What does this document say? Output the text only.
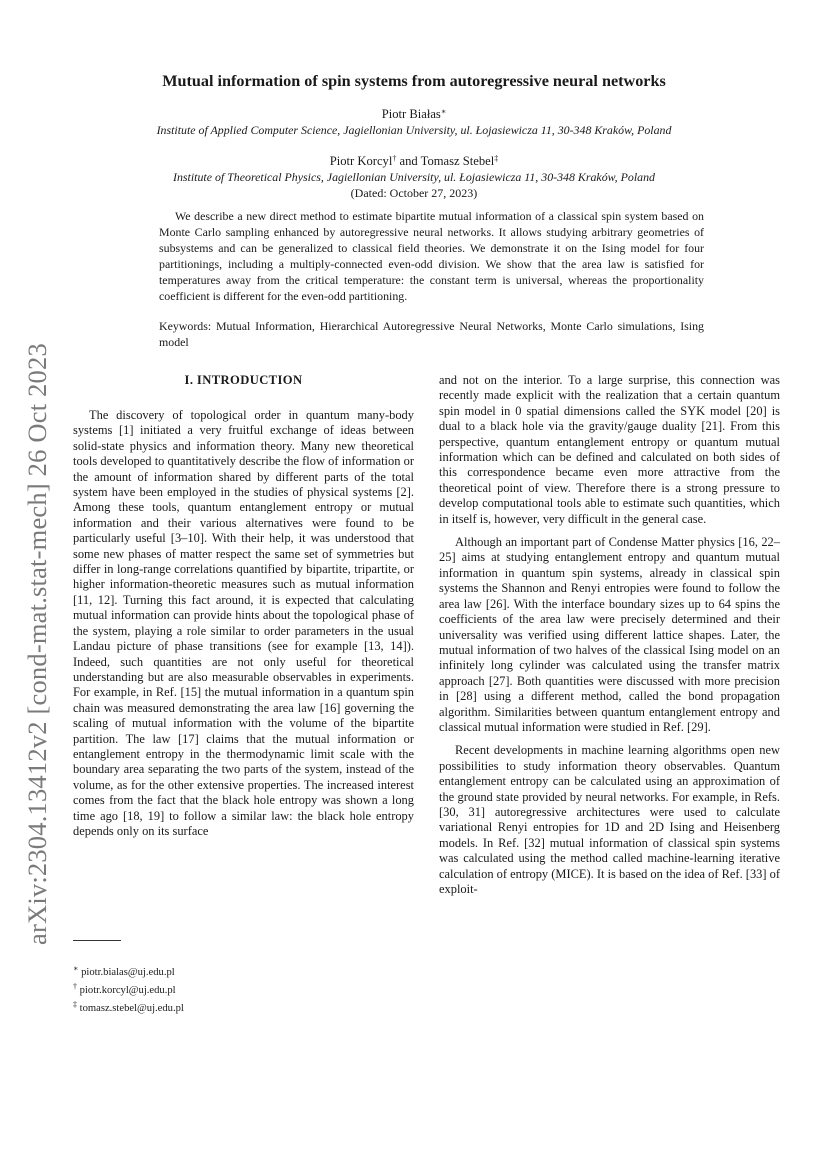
arXiv:2304.13412v2 [cond-mat.stat-mech] 26 Oct 2023
Mutual information of spin systems from autoregressive neural networks
Piotr Białas∗
Institute of Applied Computer Science, Jagiellonian University, ul. Łojasiewicza 11, 30-348 Kraków, Poland
Piotr Korcyl† and Tomasz Stebel‡
Institute of Theoretical Physics, Jagiellonian University, ul. Łojasiewicza 11, 30-348 Kraków, Poland
(Dated: October 27, 2023)

We describe a new direct method to estimate bipartite mutual information of a classical spin system based on Monte Carlo sampling enhanced by autoregressive neural networks. It allows studying arbitrary geometries of subsystems and can be generalized to classical field theories. We demonstrate it on the Ising model for four partitionings, including a multiply-connected even-odd division. We show that the area law is satisfied for temperatures away from the critical temperature: the constant term is universal, whereas the proportionality coefficient is different for the even-odd partitioning.

Keywords: Mutual Information, Hierarchical Autoregressive Neural Networks, Monte Carlo simulations, Ising model

I. INTRODUCTION

The discovery of topological order in quantum many-body systems [1] initiated a very fruitful exchange of ideas between solid-state physics and information theory. Many new theoretical tools developed to quantitatively describe the flow of information or the amount of information shared by different parts of the total system have been employed in the studies of physical systems [2]. Among these tools, quantum entanglement entropy or mutual information and their various alternatives were found to be particularly useful [3–10]. With their help, it was understood that some new phases of matter respect the same set of symmetries but differ in long-range correlations quantified by bipartite, tripartite, or higher information-theoretic measures such as mutual information [11, 12]. Turning this fact around, it is expected that calculating mutual information can provide hints about the topological phase of the system, playing a role similar to order parameters in the usual Landau picture of phase transitions (see for example [13, 14]). Indeed, such quantities are not only useful for theoretical understanding but are also measurable observables in experiments. For example, in Ref. [15] the mutual information in a quantum spin chain was measured demonstrating the area law [16] governing the scaling of mutual information with the volume of the bipartite partition. The law [17] claims that the mutual information or entanglement entropy in the thermodynamic limit scale with the boundary area separating the two parts of the system, instead of the volume, as for the other extensive properties. The increased interest comes from the fact that the black hole entropy was shown a long time ago [18, 19] to follow a similar law: the black hole entropy depends only on its surface

and not on the interior. To a large surprise, this connection was recently made explicit with the realization that a certain quantum spin model in 0 spatial dimensions called the SYK model [20] is dual to a black hole via the gravity/gauge duality [21]. From this perspective, quantum entanglement entropy or quantum mutual information which can be defined and calculated on both sides of this correspondence became even more attractive from the theoretical point of view. Therefore there is a strong pressure to develop computational tools able to estimate such quantities, which in itself is, however, very difficult in the general case.

Although an important part of Condense Matter physics [16, 22–25] aims at studying entanglement entropy and quantum mutual information in quantum spin systems, already in classical spin systems the Shannon and Renyi entropies were found to follow the area law [26]. With the interface boundary sizes up to 64 spins the coefficients of the area law were precisely determined and their universality was verified using different lattice shapes. Later, the mutual information of two halves of the classical Ising model on an infinitely long cylinder was calculated using the transfer matrix approach [27]. Both quantities were discussed with more precision in [28] using a different method, called the bond propagation algorithm. Similarities between quantum entanglement entropy and classical mutual information were studied in Ref. [29].

Recent developments in machine learning algorithms open new possibilities to study information theory observables. Quantum entanglement entropy can be calculated using an approximation of the ground state provided by neural networks. For example, in Refs. [30, 31] autoregressive architectures were used to calculate variational Renyi entropies for 1D and 2D Ising and Heisenberg models. In Ref. [32] mutual information of classical spin systems was calculated using the method called machine-learning iterative calculation of entropy (MICE). It is based on the idea of Ref. [33] of exploit-

∗ piotr.bialas@uj.edu.pl
† piotr.korcyl@uj.edu.pl
‡ tomasz.stebel@uj.edu.pl
